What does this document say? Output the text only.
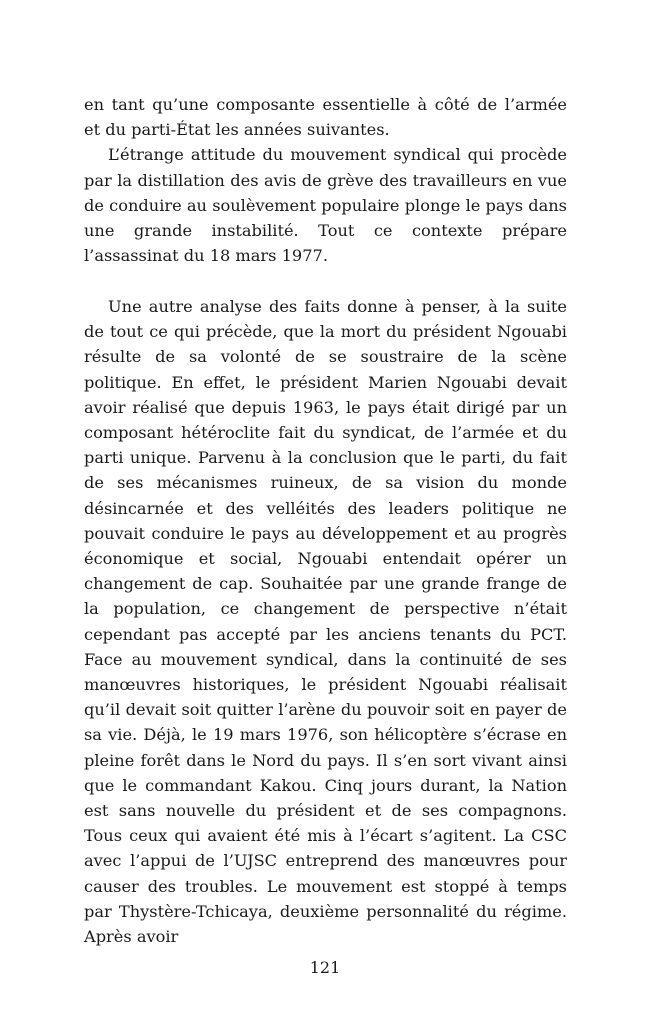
en tant qu’une composante essentielle à côté de l’armée et du parti-État les années suivantes.

L’étrange attitude du mouvement syndical qui procède par la distillation des avis de grève des travailleurs en vue de conduire au soulèvement populaire plonge le pays dans une grande instabilité. Tout ce contexte prépare l’assassinat du 18 mars 1977.

Une autre analyse des faits donne à penser, à la suite de tout ce qui précède, que la mort du président Ngouabi résulte de sa volonté de se soustraire de la scène politique. En effet, le président Marien Ngouabi devait avoir réalisé que depuis 1963, le pays était dirigé par un composant hétéroclite fait du syndicat, de l’armée et du parti unique. Parvenu à la conclusion que le parti, du fait de ses mécanismes ruineux, de sa vision du monde désincarnée et des velléités des leaders politique ne pouvait conduire le pays au développement et au progrès économique et social, Ngouabi entendait opérer un changement de cap. Souhaitée par une grande frange de la population, ce changement de perspective n’était cependant pas accepté par les anciens tenants du PCT. Face au mouvement syndical, dans la continuité de ses manœuvres historiques, le président Ngouabi réalisait qu’il devait soit quitter l’arène du pouvoir soit en payer de sa vie. Déjà, le 19 mars 1976, son hélicoptère s’écrase en pleine forêt dans le Nord du pays. Il s’en sort vivant ainsi que le commandant Kakou. Cinq jours durant, la Nation est sans nouvelle du président et de ses compagnons. Tous ceux qui avaient été mis à l’écart s’agitent. La CSC avec l’appui de l’UJSC entreprend des manœuvres pour causer des troubles. Le mouvement est stoppé à temps par Thystère-Tchicaya, deuxième personnalité du régime. Après avoir

121
